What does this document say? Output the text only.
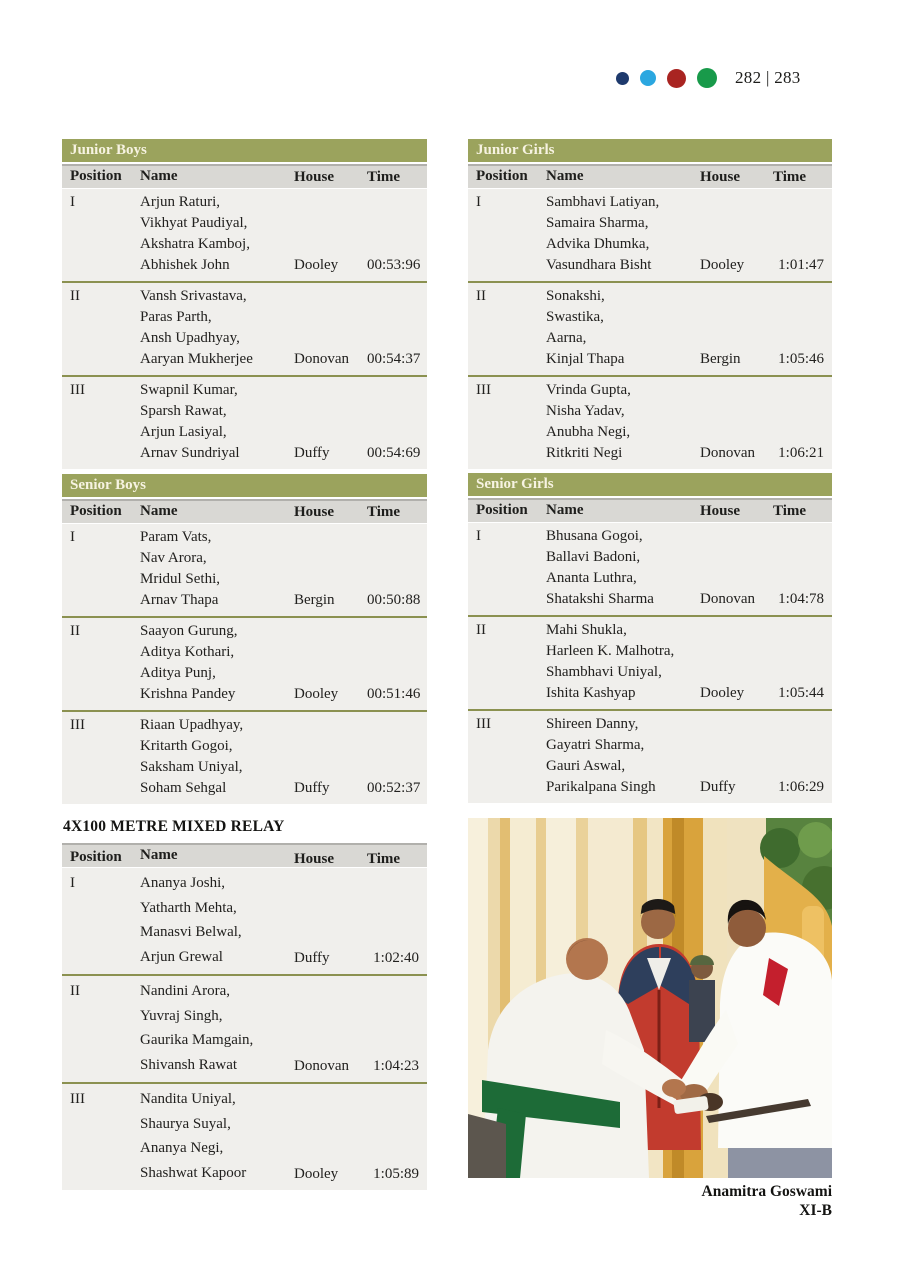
282 | 283
Junior Boys
Position	Name	House	Time
I	Arjun Raturi,
Vikhyat Paudiyal,
Akshatra Kamboj,
Abhishek John	Dooley	00:53:96
II	Vansh Srivastava,
Paras Parth,
Ansh Upadhyay,
Aaryan Mukherjee	Donovan	00:54:37
III	Swapnil Kumar,
Sparsh Rawat,
Arjun Lasiyal,
Arnav Sundriyal	Duffy	00:54:69
Junior Girls
Position	Name	House	Time
I	Sambhavi Latiyan,
Samaira Sharma,
Advika Dhumka,
Vasundhara Bisht	Dooley	1:01:47
II	Sonakshi,
Swastika,
Aarna,
Kinjal Thapa	Bergin	1:05:46
III	Vrinda Gupta,
Nisha Yadav,
Anubha Negi,
Ritkriti Negi	Donovan	1:06:21
Senior Boys
Position	Name	House	Time
I	Param Vats,
Nav Arora,
Mridul Sethi,
Arnav Thapa	Bergin	00:50:88
II	Saayon Gurung,
Aditya Kothari,
Aditya Punj,
Krishna Pandey	Dooley	00:51:46
III	Riaan Upadhyay,
Kritarth Gogoi,
Saksham Uniyal,
Soham Sehgal	Duffy	00:52:37
Senior Girls
Position	Name	House	Time
I	Bhusana Gogoi,
Ballavi Badoni,
Ananta Luthra,
Shatakshi Sharma	Donovan	1:04:78
II	Mahi Shukla,
Harleen K. Malhotra,
Shambhavi Uniyal,
Ishita Kashyap	Dooley	1:05:44
III	Shireen Danny,
Gayatri Sharma,
Gauri Aswal,
Parikalpana Singh	Duffy	1:06:29
4X100 METRE MIXED RELAY
Position	Name	House	Time
I	Ananya Joshi,
Yatharth Mehta,
Manasvi Belwal,
Arjun Grewal	Duffy	1:02:40
II	Nandini Arora,
Yuvraj Singh,
Gaurika Mamgain,
Shivansh Rawat	Donovan	1:04:23
III	Nandita Uniyal,
Shaurya Suyal,
Ananya Negi,
Shashwat Kapoor	Dooley	1:05:89
Anamitra Goswami
XI-B
